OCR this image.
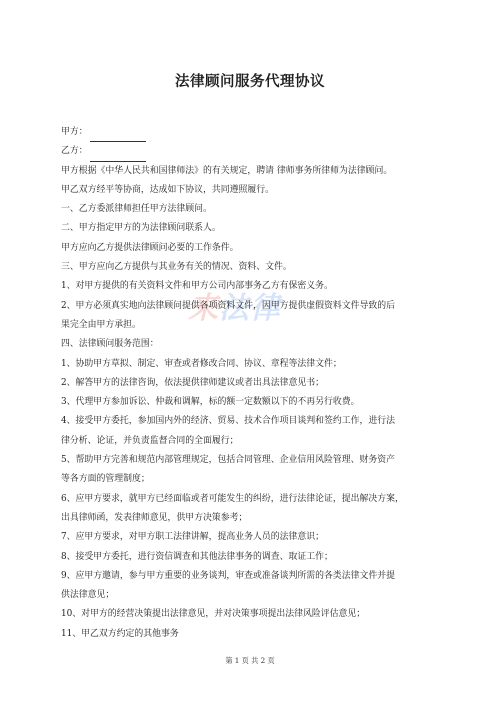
法律顾问服务代理协议
来法律
甲方：
乙方：
甲方根据《中华人民共和国律师法》的有关规定，聘请 律师事务所律师为法律顾问。
甲乙双方经平等协商，达成如下协议，共同遵照履行。
一、乙方委派律师担任甲方法律顾问。
二、甲方指定甲方的为法律顾问联系人。
甲方应向乙方提供法律顾问必要的工作条件。
三、甲方应向乙方提供与其业务有关的情况、资料、文件。
1、对甲方提供的有关资料文件和甲方公司内部事务乙方有保密义务。
2、甲方必须真实地向法律顾问提供各项资料文件，因甲方提供虚假资料文件导致的后
果完全由甲方承担。
四、法律顾问服务范围：
1、协助甲方草拟、制定、审查或者修改合同、协议、章程等法律文件；
2、解答甲方的法律咨询，依法提供律师建议或者出具法律意见书；
3、代理甲方参加诉讼、仲裁和调解，标的额一定数额以下的不再另行收费。
4、接受甲方委托，参加国内外的经济、贸易、技术合作项目谈判和签约工作，进行法
律分析、论证，并负责监督合同的全面履行；
5、帮助甲方完善和规范内部管理规定，包括合同管理、企业信用风险管理、财务资产
等各方面的管理制度；
6、应甲方要求，就甲方已经面临或者可能发生的纠纷，进行法律论证，提出解决方案，
出具律师函，发表律师意见，供甲方决策参考；
7、应甲方要求，对甲方职工法律讲解，提高业务人员的法律意识；
8、接受甲方委托，进行资信调查和其他法律事务的调查、取证工作；
9、应甲方邀请，参与甲方重要的业务谈判，审查或准备谈判所需的各类法律文件并提
供法律意见；
10、对甲方的经营决策提出法律意见，并对决策事项提出法律风险评估意见；
11、甲乙双方约定的其他事务
第 1 页 共 2 页
